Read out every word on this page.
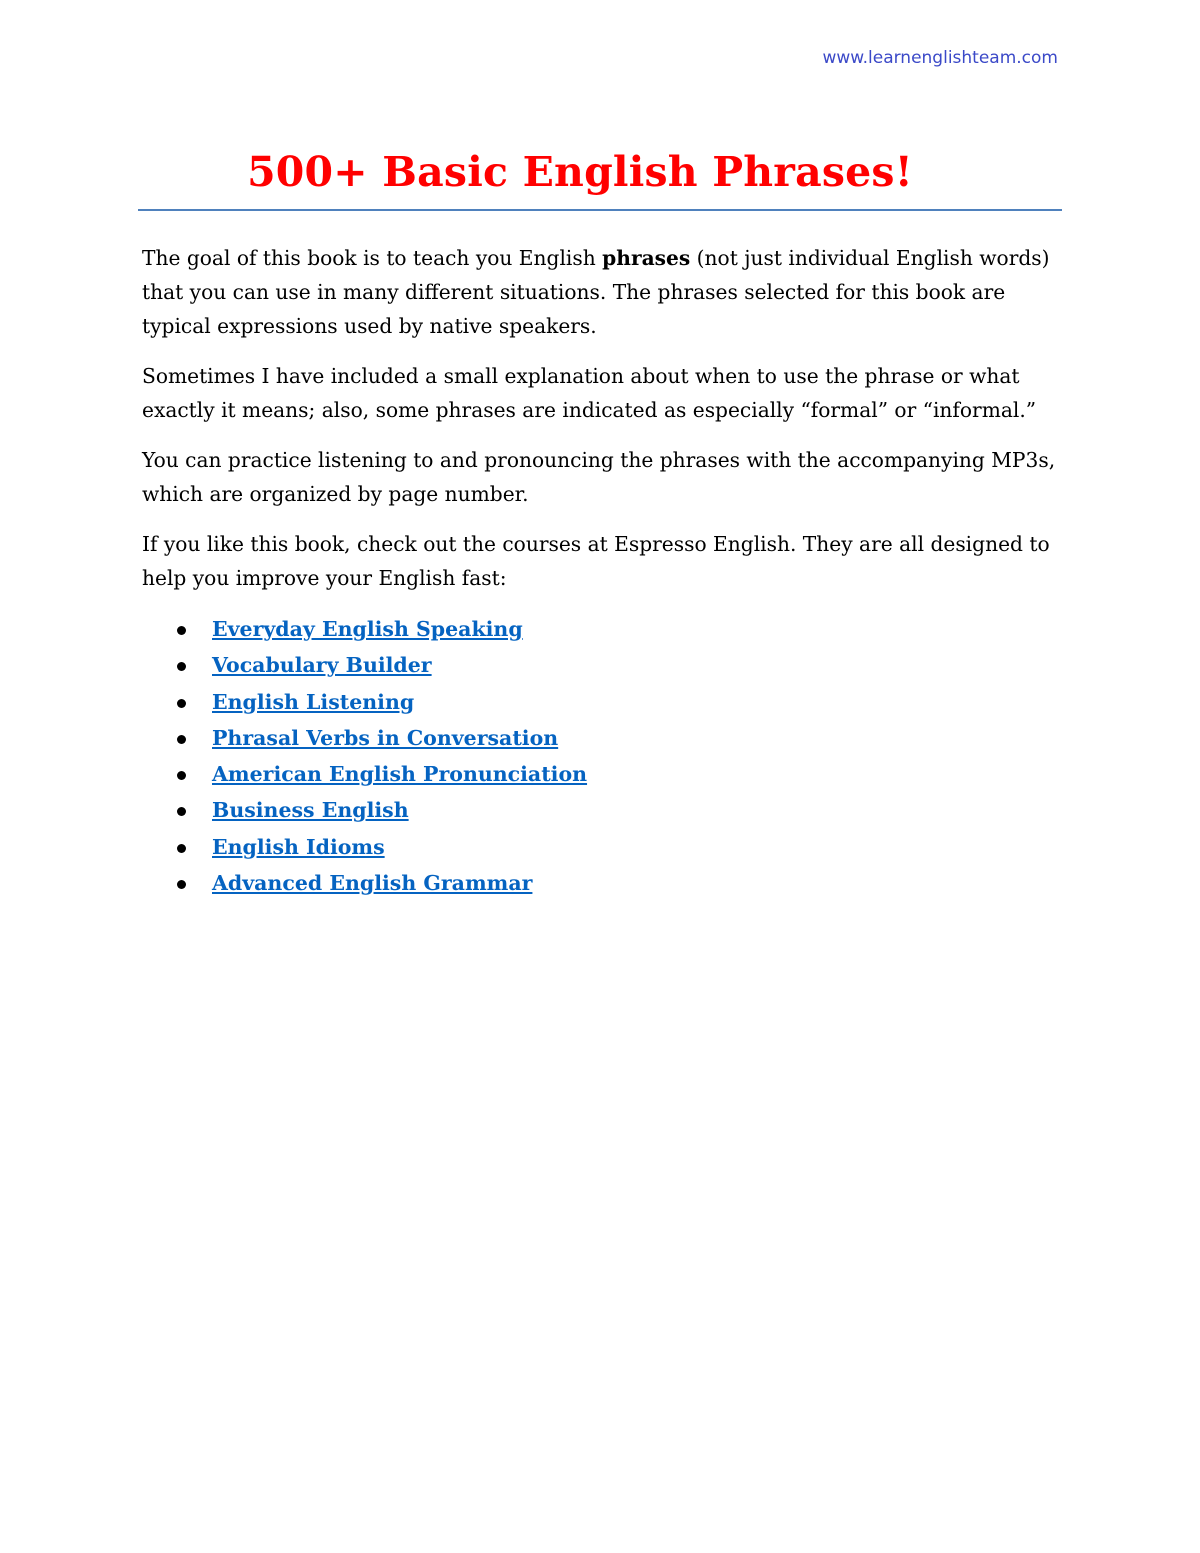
www.learnenglishteam.com
500+ Basic English Phrases!

The goal of this book is to teach you English phrases (not just individual English words) that you can use in many different situations. The phrases selected for this book are typical expressions used by native speakers.

Sometimes I have included a small explanation about when to use the phrase or what exactly it means; also, some phrases are indicated as especially “formal” or “informal.”

You can practice listening to and pronouncing the phrases with the accompanying MP3s, which are organized by page number.

If you like this book, check out the courses at Espresso English. They are all designed to help you improve your English fast:

Everyday English Speaking
Vocabulary Builder
English Listening
Phrasal Verbs in Conversation
American English Pronunciation
Business English
English Idioms
Advanced English Grammar
